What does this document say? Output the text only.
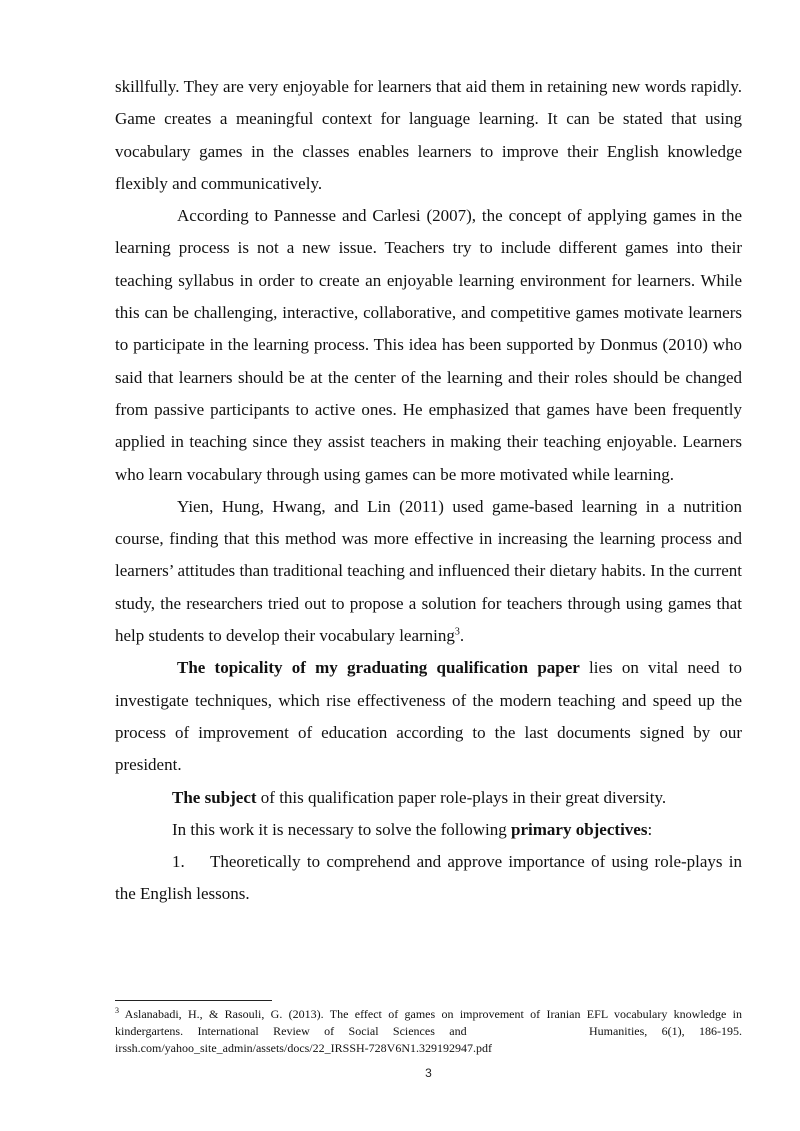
skillfully. They are very enjoyable for learners that aid them in retaining new words rapidly. Game creates a meaningful context for language learning. It can be stated that using vocabulary games in the classes enables learners to improve their English knowledge flexibly and communicatively.

According to Pannesse and Carlesi (2007), the concept of applying games in the learning process is not a new issue. Teachers try to include different games into their teaching syllabus in order to create an enjoyable learning environment for learners. While this can be challenging, interactive, collaborative, and competitive games motivate learners to participate in the learning process. This idea has been supported by Donmus (2010) who said that learners should be at the center of the learning and their roles should be changed from passive participants to active ones. He emphasized that games have been frequently applied in teaching since they assist teachers in making their teaching enjoyable. Learners who learn vocabulary through using games can be more motivated while learning.

Yien, Hung, Hwang, and Lin (2011) used game-based learning in a nutrition course, finding that this method was more effective in increasing the learning process and learners’ attitudes than traditional teaching and influenced their dietary habits. In the current study, the researchers tried out to propose a solution for teachers through using games that help students to develop their vocabulary learning$^3$.

The topicality of my graduating qualification paper lies on vital need to investigate techniques, which rise effectiveness of the modern teaching and speed up the process of improvement of education according to the last documents signed by our president.

The subject of this qualification paper role-plays in their great diversity.

In this work it is necessary to solve the following primary objectives:

1. Theoretically to comprehend and approve importance of using role-plays in the English lessons.

$^3$ Aslanabadi, H., & Rasouli, G. (2013). The effect of games on improvement of Iranian EFL vocabulary knowledge in kindergartens. International Review of Social Sciences and	Humanities, 6(1), 186-195. irssh.com/yahoo_site_admin/assets/docs/22_IRSSH-728V6N1.329192947.pdf

3
